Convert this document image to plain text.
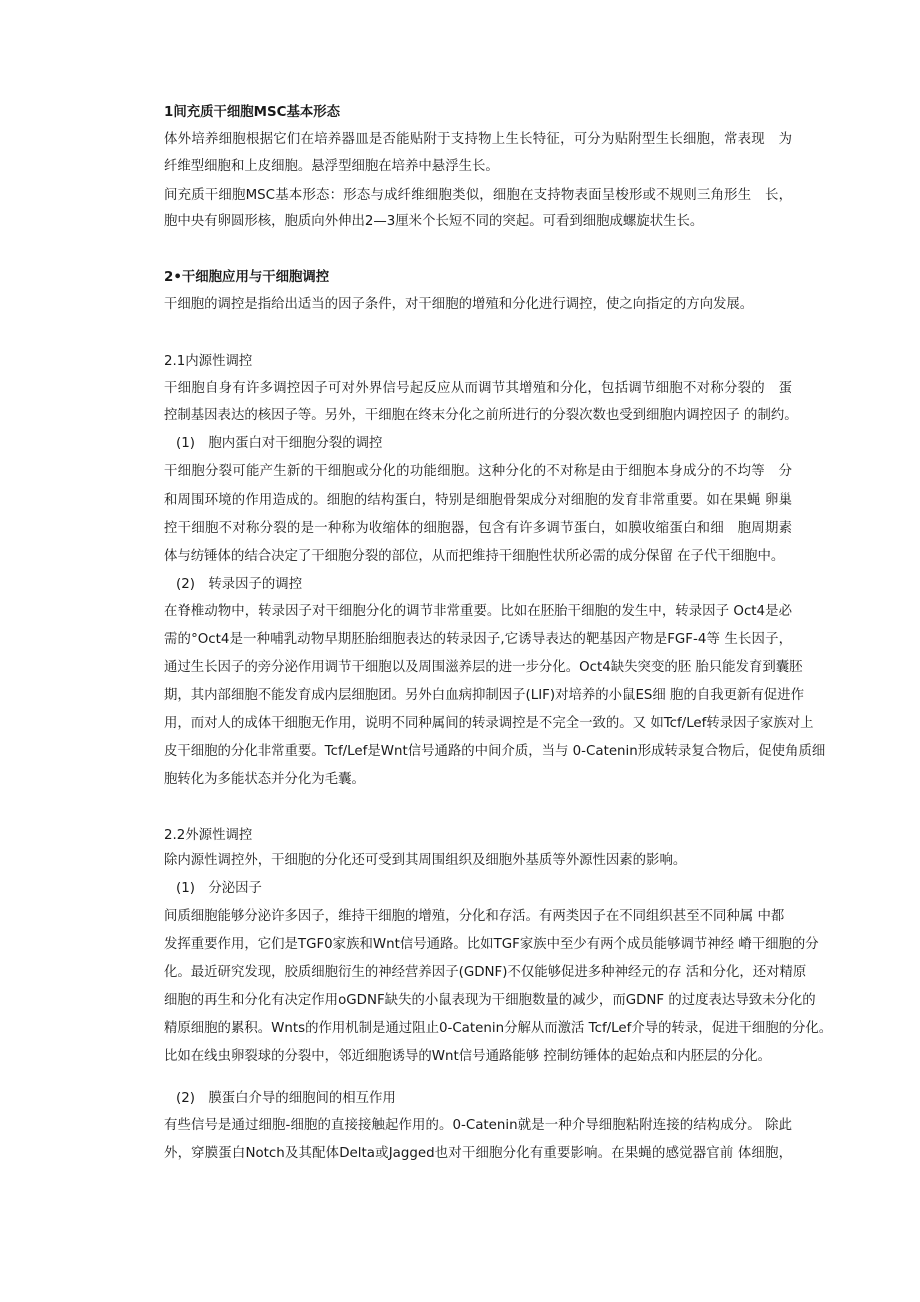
1间充质干细胞MSC基本形态
体外培养细胞根据它们在培养器皿是否能贴附于支持物上生长特征，可分为贴附型生长细胞，常表现　为
纤维型细胞和上皮细胞。悬浮型细胞在培养中悬浮生长。
间充质干细胞MSC基本形态：形态与成纤维细胞类似，细胞在支持物表面呈梭形或不规则三角形生　长，
胞中央有卵圆形核，胞质向外伸出2—3厘米个长短不同的突起。可看到细胞成螺旋状生长。
2•干细胞应用与干细胞调控
干细胞的调控是指给出适当的因子条件，对干细胞的增殖和分化进行调控，使之向指定的方向发展。
2.1内源性调控
干细胞自身有许多调控因子可对外界信号起反应从而调节其增殖和分化，包括调节细胞不对称分裂的　蛋
控制基因表达的核因子等。另外，干细胞在终末分化之前所进行的分裂次数也受到细胞内调控因子 的制约。
(1)　胞内蛋白对干细胞分裂的调控
干细胞分裂可能产生新的干细胞或分化的功能细胞。这种分化的不对称是由于细胞本身成分的不均等　分
和周围环境的作用造成的。细胞的结构蛋白，特别是细胞骨架成分对细胞的发育非常重要。如在果蝇 卵巢
控干细胞不对称分裂的是一种称为收缩体的细胞器，包含有许多调节蛋白，如膜收缩蛋白和细　胞周期素
体与纺锤体的结合决定了干细胞分裂的部位，从而把维持干细胞性状所必需的成分保留 在子代干细胞中。
(2)　转录因子的调控
在脊椎动物中，转录因子对干细胞分化的调节非常重要。比如在胚胎干细胞的发生中，转录因子 Oct4是必
需的°Oct4是一种哺乳动物早期胚胎细胞表达的转录因子,它诱导表达的靶基因产物是FGF-4等 生长因子，
通过生长因子的旁分泌作用调节干细胞以及周围滋养层的进一步分化。Oct4缺失突变的胚 胎只能发育到囊胚
期，其内部细胞不能发育成内层细胞团。另外白血病抑制因子(LIF)对培养的小鼠ES细 胞的自我更新有促进作
用，而对人的成体干细胞无作用，说明不同种属间的转录调控是不完全一致的。又 如Tcf/Lef转录因子家族对上
皮干细胞的分化非常重要。Tcf/Lef是Wnt信号通路的中间介质，当与 0-Catenin形成转录复合物后，促使角质细
胞转化为多能状态并分化为毛囊。
2.2外源性调控
除内源性调控外，干细胞的分化还可受到其周围组织及细胞外基质等外源性因素的影响。
(1)　分泌因子
间质细胞能够分泌许多因子，维持干细胞的增殖，分化和存活。有两类因子在不同组织甚至不同种属 中都
发挥重要作用，它们是TGF0家族和Wnt信号通路。比如TGF家族中至少有两个成员能够调节神经 嵴干细胞的分
化。最近研究发现，胶质细胞衍生的神经营养因子(GDNF)不仅能够促进多种神经元的存 活和分化，还对精原
细胞的再生和分化有决定作用oGDNF缺失的小鼠表现为干细胞数量的减少，而GDNF 的过度表达导致未分化的
精原细胞的累积。Wnts的作用机制是通过阻止0-Catenin分解从而激活 Tcf/Lef介导的转录，促进干细胞的分化。
比如在线虫卵裂球的分裂中，邻近细胞诱导的Wnt信号通路能够 控制纺锤体的起始点和内胚层的分化。
(2)　膜蛋白介导的细胞间的相互作用
有些信号是通过细胞-细胞的直接接触起作用的。0-Catenin就是一种介导细胞粘附连接的结构成分。 除此
外，穿膜蛋白Notch及其配体Delta或Jagged也对干细胞分化有重要影响。在果蝇的感觉器官前 体细胞，
